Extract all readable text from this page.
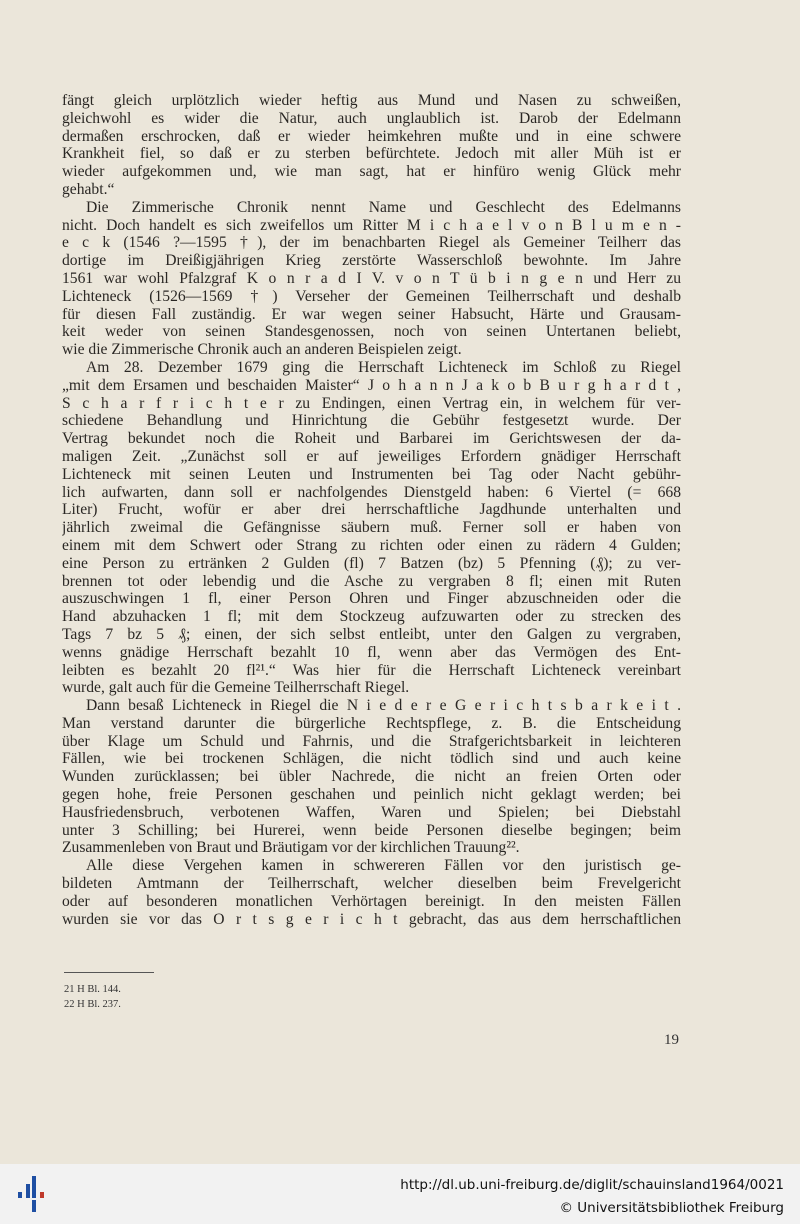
fängt gleich urplötzlich wieder heftig aus Mund und Nasen zu schweißen,
gleichwohl es wider die Natur, auch unglaublich ist. Darob der Edelmann
dermaßen erschrocken, daß er wieder heimkehren mußte und in eine schwere
Krankheit fiel, so daß er zu sterben befürchtete. Jedoch mit aller Müh ist er
wieder aufgekommen und, wie man sagt, hat er hinfüro wenig Glück mehr
gehabt.“
Die Zimmerische Chronik nennt Name und Geschlecht des Edelmanns
nicht. Doch handelt es sich zweifellos um Ritter M i c h a e l v o n B l u m e n -
e c k (1546 ?—1595 †), der im benachbarten Riegel als Gemeiner Teilherr das
dortige im Dreißigjährigen Krieg zerstörte Wasserschloß bewohnte. Im Jahre
1561 war wohl Pfalzgraf K o n r a d I V. v o n T ü b i n g e n und Herr zu
Lichteneck (1526—1569 †) Verseher der Gemeinen Teilherrschaft und deshalb
für diesen Fall zuständig. Er war wegen seiner Habsucht, Härte und Grausam-
keit weder von seinen Standesgenossen, noch von seinen Untertanen beliebt,
wie die Zimmerische Chronik auch an anderen Beispielen zeigt.
Am 28. Dezember 1679 ging die Herrschaft Lichteneck im Schloß zu Riegel
„mit dem Ersamen und beschaiden Maister“ J o h a n n J a k o b B u r g h a r d t ,
S c h a r f r i c h t e r zu Endingen, einen Vertrag ein, in welchem für ver-
schiedene Behandlung und Hinrichtung die Gebühr festgesetzt wurde. Der
Vertrag bekundet noch die Roheit und Barbarei im Gerichtswesen der da-
maligen Zeit. „Zunächst soll er auf jeweiliges Erfordern gnädiger Herrschaft
Lichteneck mit seinen Leuten und Instrumenten bei Tag oder Nacht gebühr-
lich aufwarten, dann soll er nachfolgendes Dienstgeld haben: 6 Viertel (= 668
Liter) Frucht, wofür er aber drei herrschaftliche Jagdhunde unterhalten und
jährlich zweimal die Gefängnisse säubern muß. Ferner soll er haben von
einem mit dem Schwert oder Strang zu richten oder einen zu rädern 4 Gulden;
eine Person zu ertränken 2 Gulden (fl) 7 Batzen (bz) 5 Pfenning (₰); zu ver-
brennen tot oder lebendig und die Asche zu vergraben 8 fl; einen mit Ruten
auszuschwingen 1 fl, einer Person Ohren und Finger abzuschneiden oder die
Hand abzuhacken 1 fl; mit dem Stockzeug aufzuwarten oder zu strecken des
Tags 7 bz 5 ₰; einen, der sich selbst entleibt, unter den Galgen zu vergraben,
wenns gnädige Herrschaft bezahlt 10 fl, wenn aber das Vermögen des Ent-
leibten es bezahlt 20 fl²¹.“ Was hier für die Herrschaft Lichteneck vereinbart
wurde, galt auch für die Gemeine Teilherrschaft Riegel.
Dann besaß Lichteneck in Riegel die N i e d e r e G e r i c h t s b a r k e i t .
Man verstand darunter die bürgerliche Rechtspflege, z. B. die Entscheidung
über Klage um Schuld und Fahrnis, und die Strafgerichtsbarkeit in leichteren
Fällen, wie bei trockenen Schlägen, die nicht tödlich sind und auch keine
Wunden zurücklassen; bei übler Nachrede, die nicht an freien Orten oder
gegen hohe, freie Personen geschahen und peinlich nicht geklagt werden; bei
Hausfriedensbruch, verbotenen Waffen, Waren und Spielen; bei Diebstahl
unter 3 Schilling; bei Hurerei, wenn beide Personen dieselbe begingen; beim
Zusammenleben von Braut und Bräutigam vor der kirchlichen Trauung²².
Alle diese Vergehen kamen in schwereren Fällen vor den juristisch ge-
bildeten Amtmann der Teilherrschaft, welcher dieselben beim Frevelgericht
oder auf besonderen monatlichen Verhörtagen bereinigt. In den meisten Fällen
wurden sie vor das O r t s g e r i c h t gebracht, das aus dem herrschaftlichen
21 H Bl. 144.
22 H Bl. 237.
19
http://dl.ub.uni-freiburg.de/diglit/schauinsland1964/0021
© Universitätsbibliothek Freiburg
